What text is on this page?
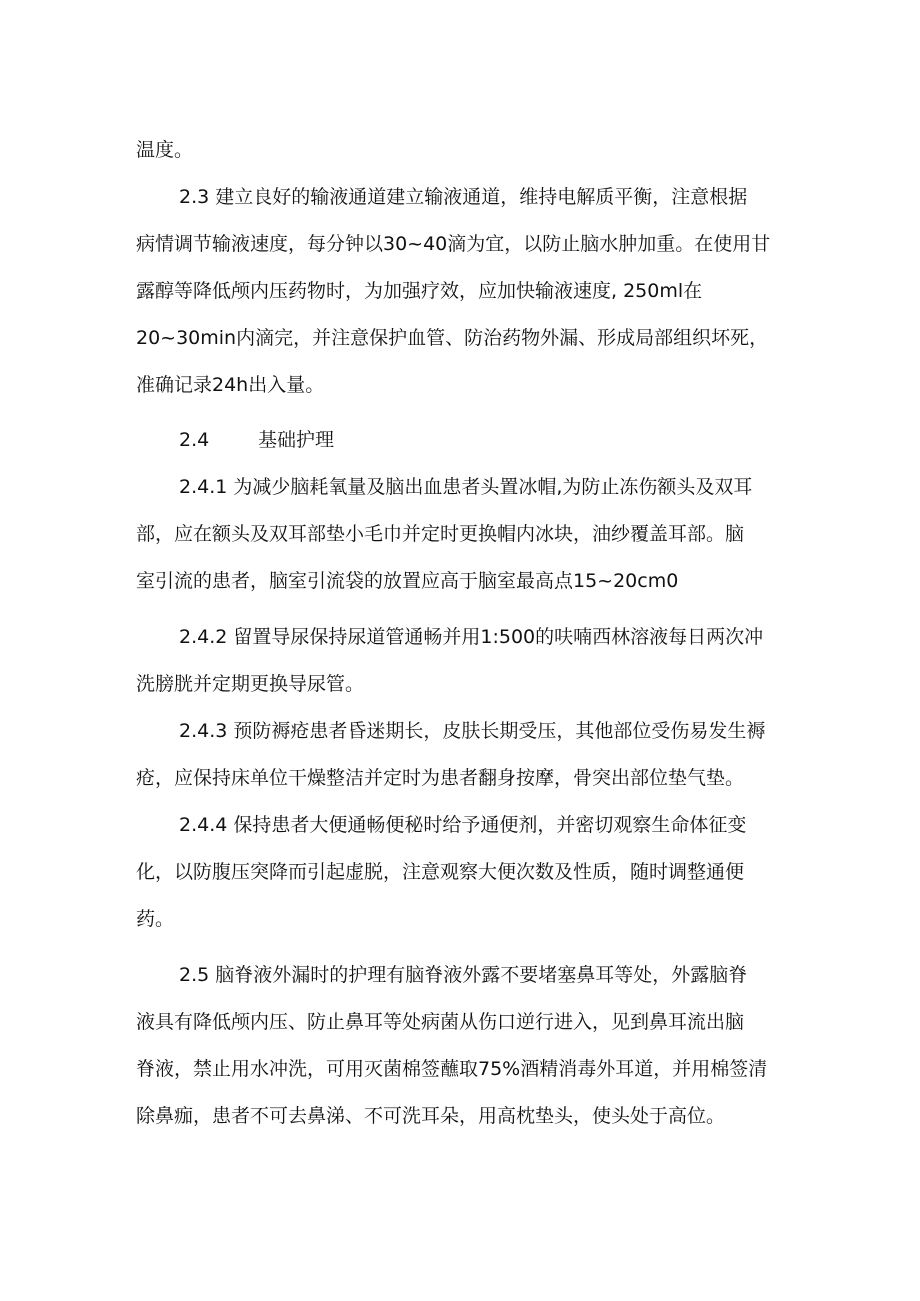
温度。
2.3 建立良好的输液通道建立输液通道，维持电解质平衡，注意根据
病情调节输液速度，每分钟以30~40滴为宜，以防止脑水肿加重。在使用甘
露醇等降低颅内压药物时，为加强疗效，应加快输液速度, 250ml在
20~30min内滴完，并注意保护血管、防治药物外漏、形成局部组织坏死，
准确记录24h出入量。
2.4	基础护理
2.4.1 为减少脑耗氧量及脑出血患者头置冰帽,为防止冻伤额头及双耳
部，应在额头及双耳部垫小毛巾并定时更换帽内冰块，油纱覆盖耳部。脑
室引流的患者，脑室引流袋的放置应高于脑室最高点15~20cm0
2.4.2 留置导尿保持尿道管通畅并用1:500的呋喃西林溶液每日两次冲
洗膀胱并定期更换导尿管。
2.4.3 预防褥疮患者昏迷期长，皮肤长期受压，其他部位受伤易发生褥
疮，应保持床单位干燥整洁并定时为患者翻身按摩，骨突出部位垫气垫。
2.4.4 保持患者大便通畅便秘时给予通便剂，并密切观察生命体征变
化，以防腹压突降而引起虚脱，注意观察大便次数及性质，随时调整通便
药。
2.5 脑脊液外漏时的护理有脑脊液外露不要堵塞鼻耳等处，外露脑脊
液具有降低颅内压、防止鼻耳等处病菌从伤口逆行进入，见到鼻耳流出脑
脊液，禁止用水冲洗，可用灭菌棉签蘸取75%酒精消毒外耳道，并用棉签清
除鼻痂，患者不可去鼻涕、不可洗耳朵，用高枕垫头，使头处于高位。
